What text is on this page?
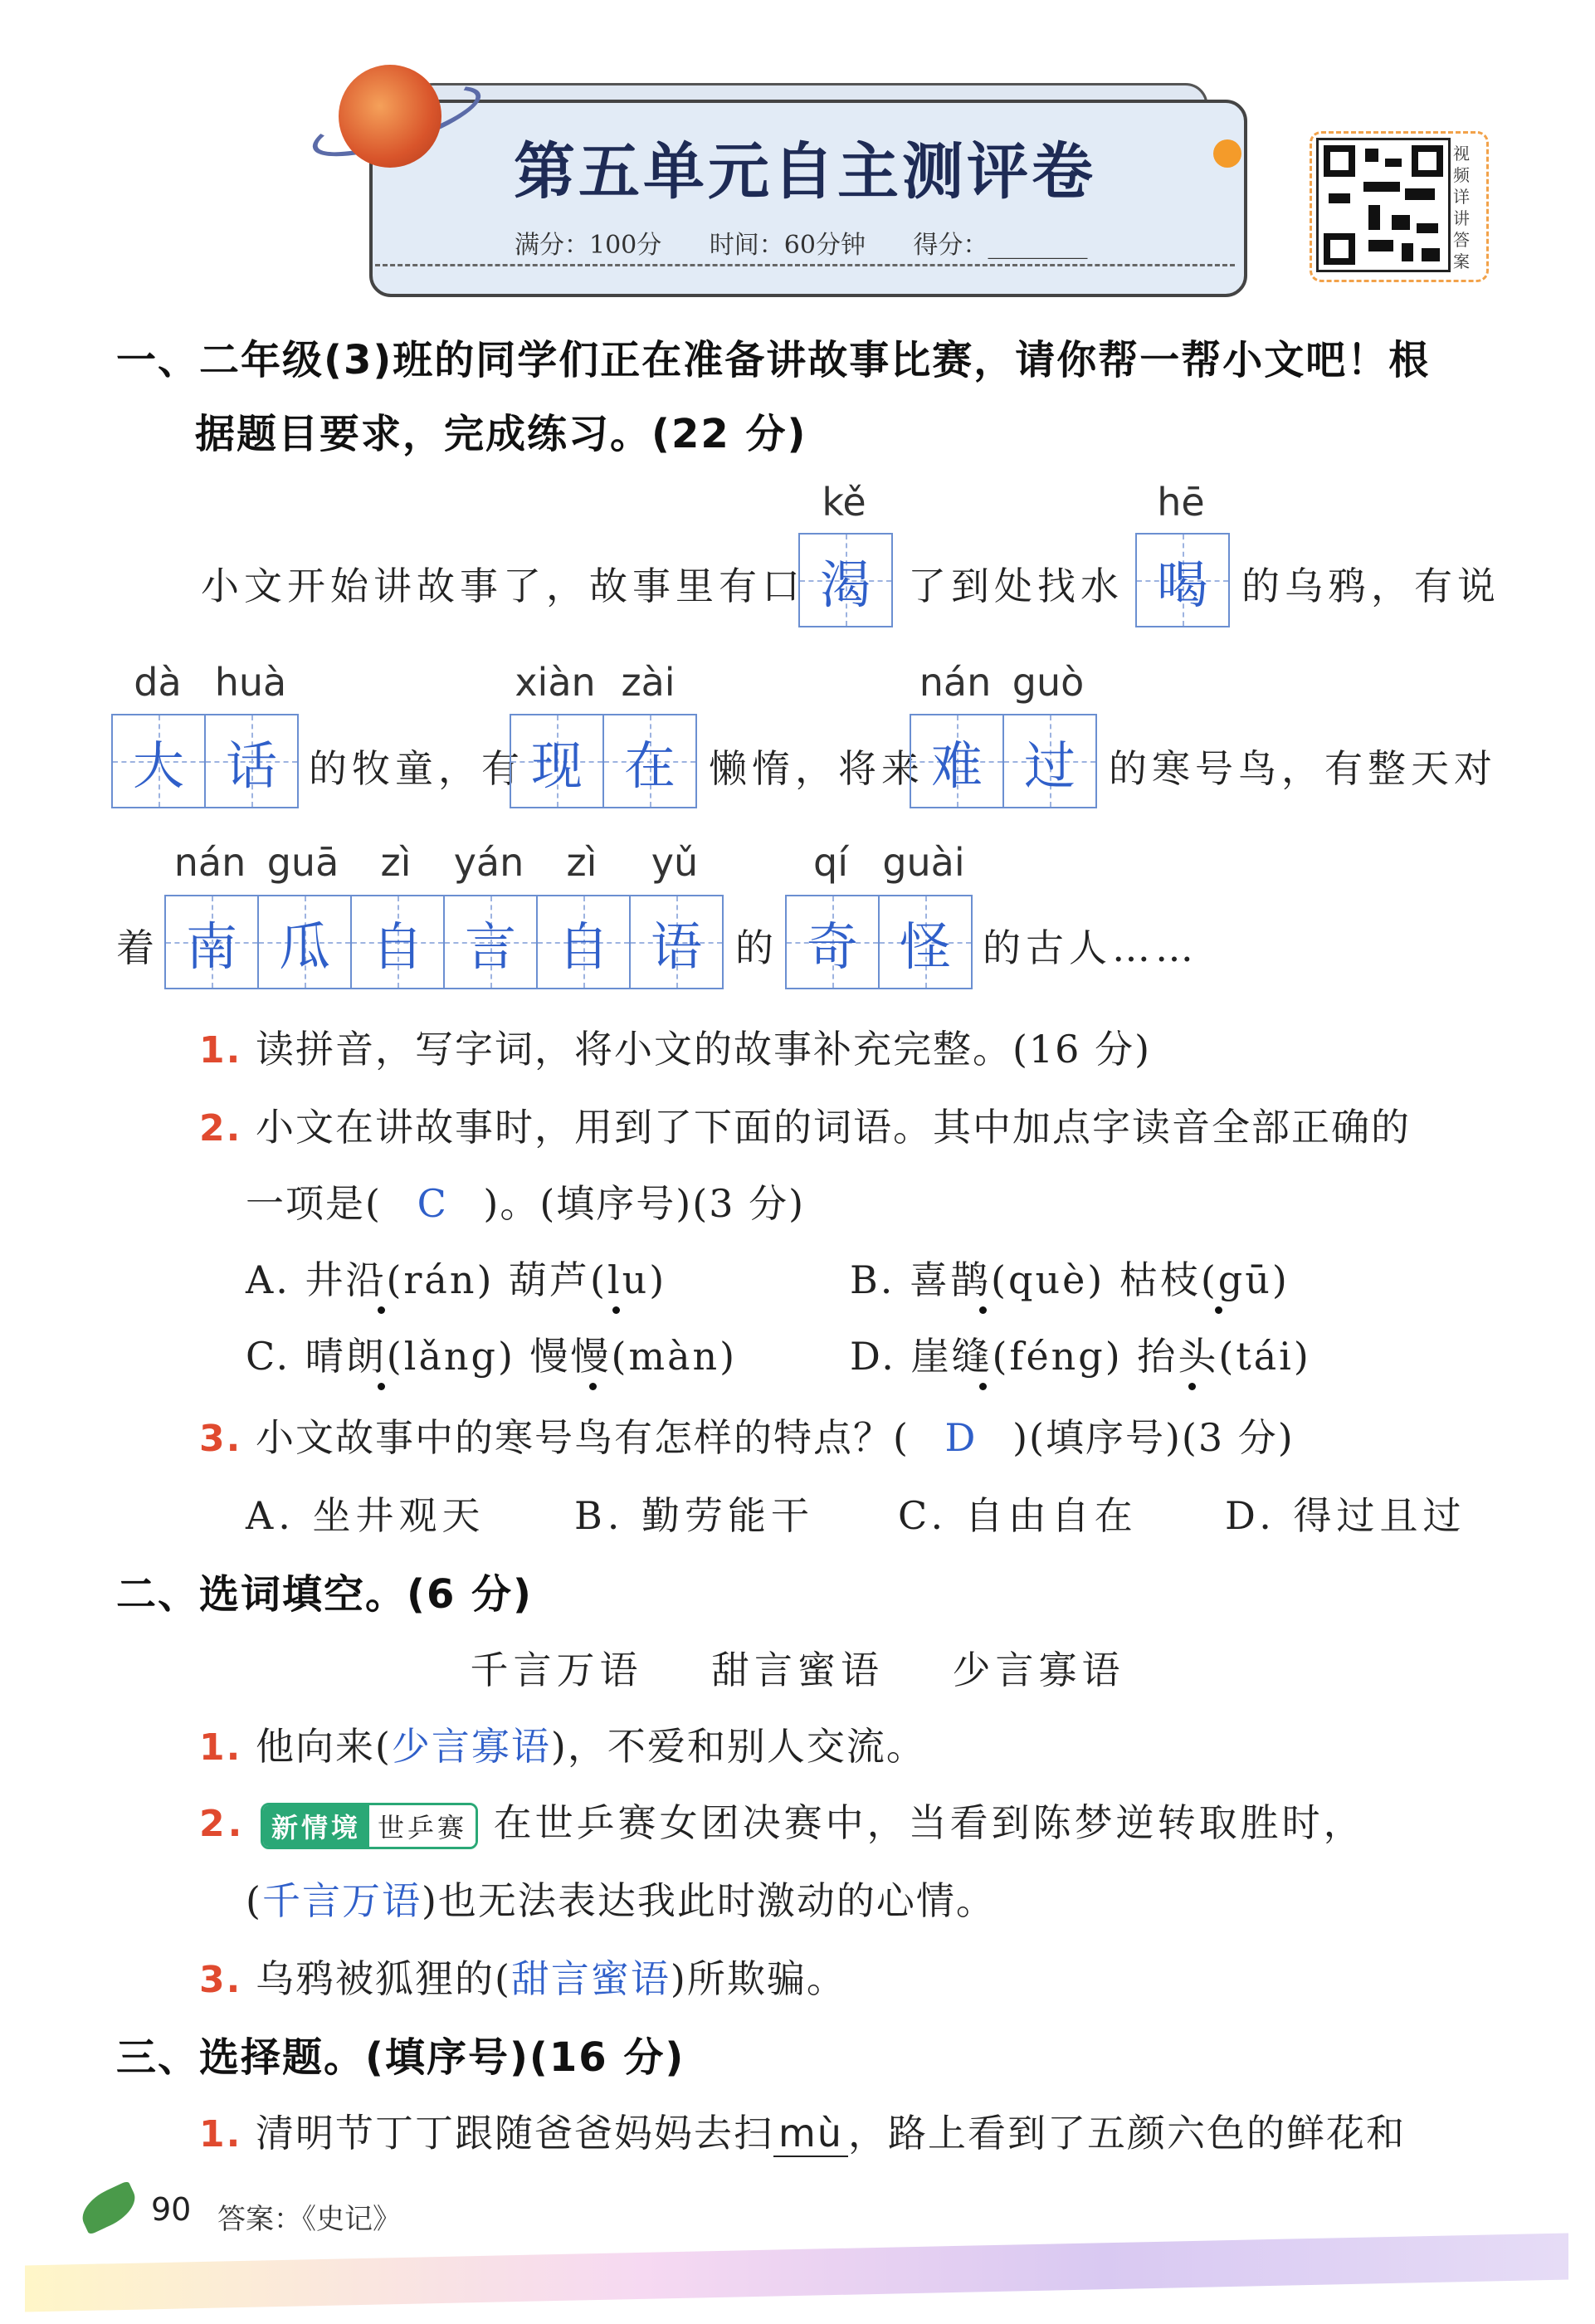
第五单元自主测评卷
满分：100分 时间：60分钟 得分：________
视频详讲答案
一、二年级(3)班的同学们正在准备讲故事比赛，请你帮一帮小文吧！根
据题目要求，完成练习。(22 分)
kě	hē
小文开始讲故事了，故事里有口 渴 了到处找水 喝 的乌鸦，有说
dà huà	xiàn zài	nán guò
大 话 的牧童，有 现 在 懒惰，将来 难 过 的寒号鸟，有整天对
nán guā	zì	yán	zì	yǔ	qí guài
着 南 瓜 自 言 自 语 的 奇 怪 的古人……
1. 读拼音，写字词，将小文的故事补充完整。(16 分)
2. 小文在讲故事时，用到了下面的词语。其中加点字读音全部正确的
一项是( C )。(填序号)(3 分)
A. 井沿(rán) 葫芦(lu)	B. 喜鹊(què) 枯枝(gū)
C. 晴朗(lǎng) 慢慢(màn)	D. 崖缝(féng) 抬头(tái)
3. 小文故事中的寒号鸟有怎样的特点？( D )(填序号)(3 分)
A. 坐井观天 B. 勤劳能干 C. 自由自在 D. 得过且过
二、选词填空。(6 分)
千言万语    甜言蜜语    少言寡语
1. 他向来(少言寡语)，不爱和别人交流。
2. 新情境 世乒赛 在世乒赛女团决赛中，当看到陈梦逆转取胜时，
(千言万语)也无法表达我此时激动的心情。
3. 乌鸦被狐狸的(甜言蜜语)所欺骗。
三、选择题。(填序号)(16 分)
1. 清明节丁丁跟随爸爸妈妈去扫 mù ，路上看到了五颜六色的鲜花和
90 答案：《史记》
